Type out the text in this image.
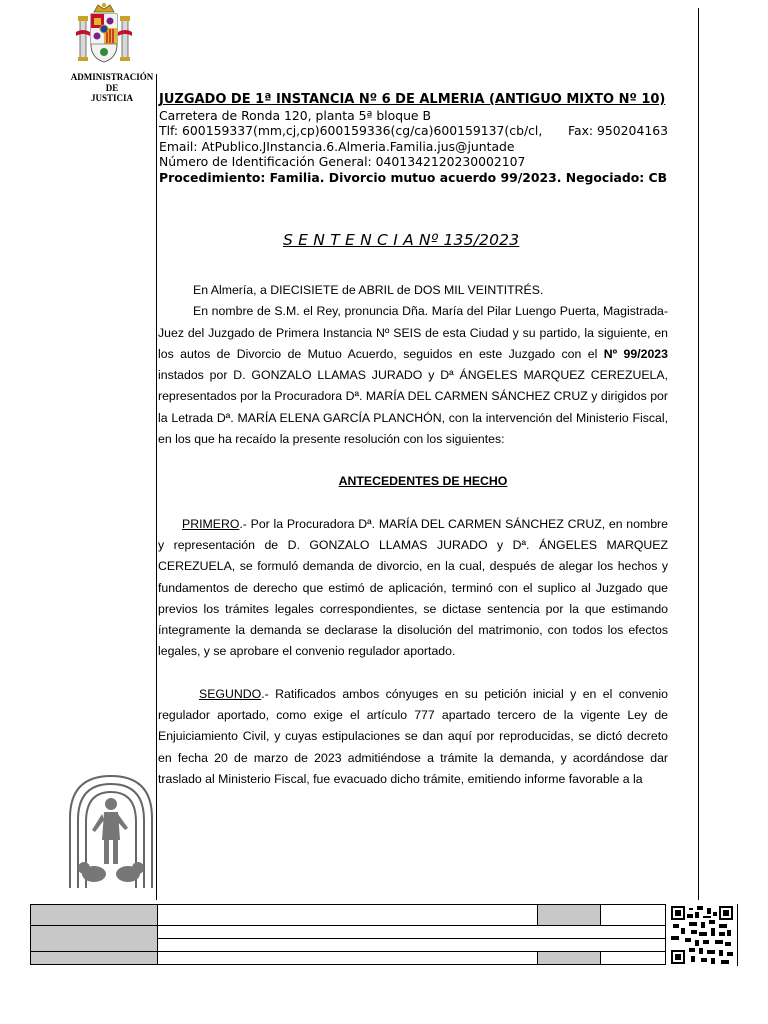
ADMINISTRACIÓN
DE
JUSTICIA	JUZGADO DE 1ª INSTANCIA Nº 6 DE ALMERIA (ANTIGUO MIXTO Nº 10)
Carretera de Ronda 120, planta 5ª bloque B
Tlf: 600159337(mm,cj,cp)600159336(cg/ca)600159137(cb/cl, Fax: 950204163
Email: AtPublico.JInstancia.6.Almeria.Familia.jus@juntade
Número de Identificación General: 0401342120230002107
Procedimiento: Familia. Divorcio mutuo acuerdo 99/2023. Negociado: CB
S E N T E N C I A Nº 135/2023

En Almería, a DIECISIETE de ABRIL de DOS MIL VEINTITRÉS.

En nombre de S.M. el Rey, pronuncia Dña. María del Pilar Luengo Puerta, Magistrada-Juez del Juzgado de Primera Instancia Nº SEIS de esta Ciudad y su partido, la siguiente, en los autos de Divorcio de Mutuo Acuerdo, seguidos en este Juzgado con el Nº 99/2023 instados por D. GONZALO LLAMAS JURADO y Dª ÁNGELES MARQUEZ CEREZUELA, representados por la Procuradora Dª. MARÍA DEL CARMEN SÁNCHEZ CRUZ y dirigidos por la Letrada Dª. MARÍA ELENA GARCÍA PLANCHÓN, con la intervención del Ministerio Fiscal, en los que ha recaído la presente resolución con los siguientes:

ANTECEDENTES DE HECHO

PRIMERO.- Por la Procuradora Dª. MARÍA DEL CARMEN SÁNCHEZ CRUZ, en nombre y representación de D. GONZALO LLAMAS JURADO y Dª. ÁNGELES MARQUEZ CEREZUELA, se formuló demanda de divorcio, en la cual, después de alegar los hechos y fundamentos de derecho que estimó de aplicación, terminó con el suplico al Juzgado que previos los trámites legales correspondientes, se dictase sentencia por la que estimando íntegramente la demanda se declarase la disolución del matrimonio, con todos los efectos legales, y se aprobare el convenio regulador aportado.

SEGUNDO.- Ratificados ambos cónyuges en su petición inicial y en el convenio regulador aportado, como exige el artículo 777 apartado tercero de la vigente Ley de Enjuiciamiento Civil, y cuyas estipulaciones se dan aquí por reproducidas, se dictó decreto en fecha 20 de marzo de 2023 admitiéndose a trámite la demanda, y acordándose dar traslado al Ministerio Fiscal, fue evacuado dicho trámite, emitiendo informe favorable a la
